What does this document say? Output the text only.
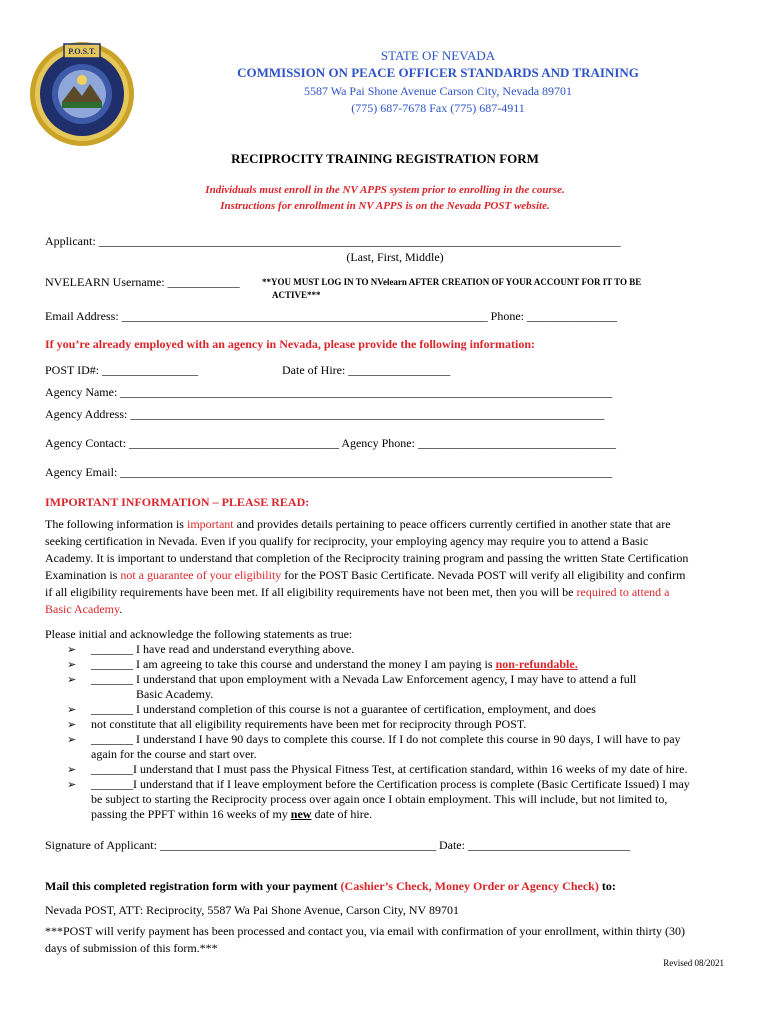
P.O.S.T.	STATE OF NEVADA
COMMISSION ON PEACE OFFICER STANDARDS AND TRAINING
5587 Wa Pai Shone Avenue Carson City, Nevada 89701
(775) 687-7678 Fax (775) 687-4911
RECIPROCITY TRAINING REGISTRATION FORM
Individuals must enroll in the NV APPS system prior to enrolling in the course.
Instructions for enrollment in NV APPS is on the Nevada POST website.
Applicant: _______________________________________________________________________________________
(Last, First, Middle)
NVELEARN Username: ____________ **YOU MUST LOG IN TO NVelearn AFTER CREATION OF YOUR ACCOUNT FOR IT TO BE
ACTIVE***
Email Address: _____________________________________________________________ Phone: _______________
If you’re already employed with an agency in Nevada, please provide the following information:
POST ID#: ________________	Date of Hire: _________________
Agency Name: __________________________________________________________________________________
Agency Address: _______________________________________________________________________________
Agency Contact: ___________________________________ Agency Phone: _________________________________
Agency Email: __________________________________________________________________________________
IMPORTANT INFORMATION – PLEASE READ:
The following information is important and provides details pertaining to peace officers currently certified in another state that are
seeking certification in Nevada. Even if you qualify for reciprocity, your employing agency may require you to attend a Basic
Academy. It is important to understand that completion of the Reciprocity training program and passing the written State Certification
Examination is not a guarantee of your eligibility for the POST Basic Certificate. Nevada POST will verify all eligibility and confirm
if all eligibility requirements have been met. If all eligibility requirements have not been met, then you will be required to attend a
Basic Academy.
Please initial and acknowledge the following statements as true:
➢ _______ I have read and understand everything above.
➢ _______ I am agreeing to take this course and understand the money I am paying is non-refundable.
➢ _______ I understand that upon employment with a Nevada Law Enforcement agency, I may have to attend a full
Basic Academy.
➢ _______ I understand completion of this course is not a guarantee of certification, employment, and does
➢ not constitute that all eligibility requirements have been met for reciprocity through POST.
➢ _______ I understand I have 90 days to complete this course. If I do not complete this course in 90 days, I will have to pay
again for the course and start over.
➢ _______I understand that I must pass the Physical Fitness Test, at certification standard, within 16 weeks of my date of hire.
➢ _______I understand that if I leave employment before the Certification process is complete (Basic Certificate Issued) I may
be subject to starting the Reciprocity process over again once I obtain employment. This will include, but not limited to,
passing the PPFT within 16 weeks of my new date of hire.
Signature of Applicant: ______________________________________________ Date: ___________________________
Mail this completed registration form with your payment (Cashier’s Check, Money Order or Agency Check) to:
Nevada POST, ATT: Reciprocity, 5587 Wa Pai Shone Avenue, Carson City, NV 89701
***POST will verify payment has been processed and contact you, via email with confirmation of your enrollment, within thirty (30)
days of submission of this form.***
Revised 08/2021
